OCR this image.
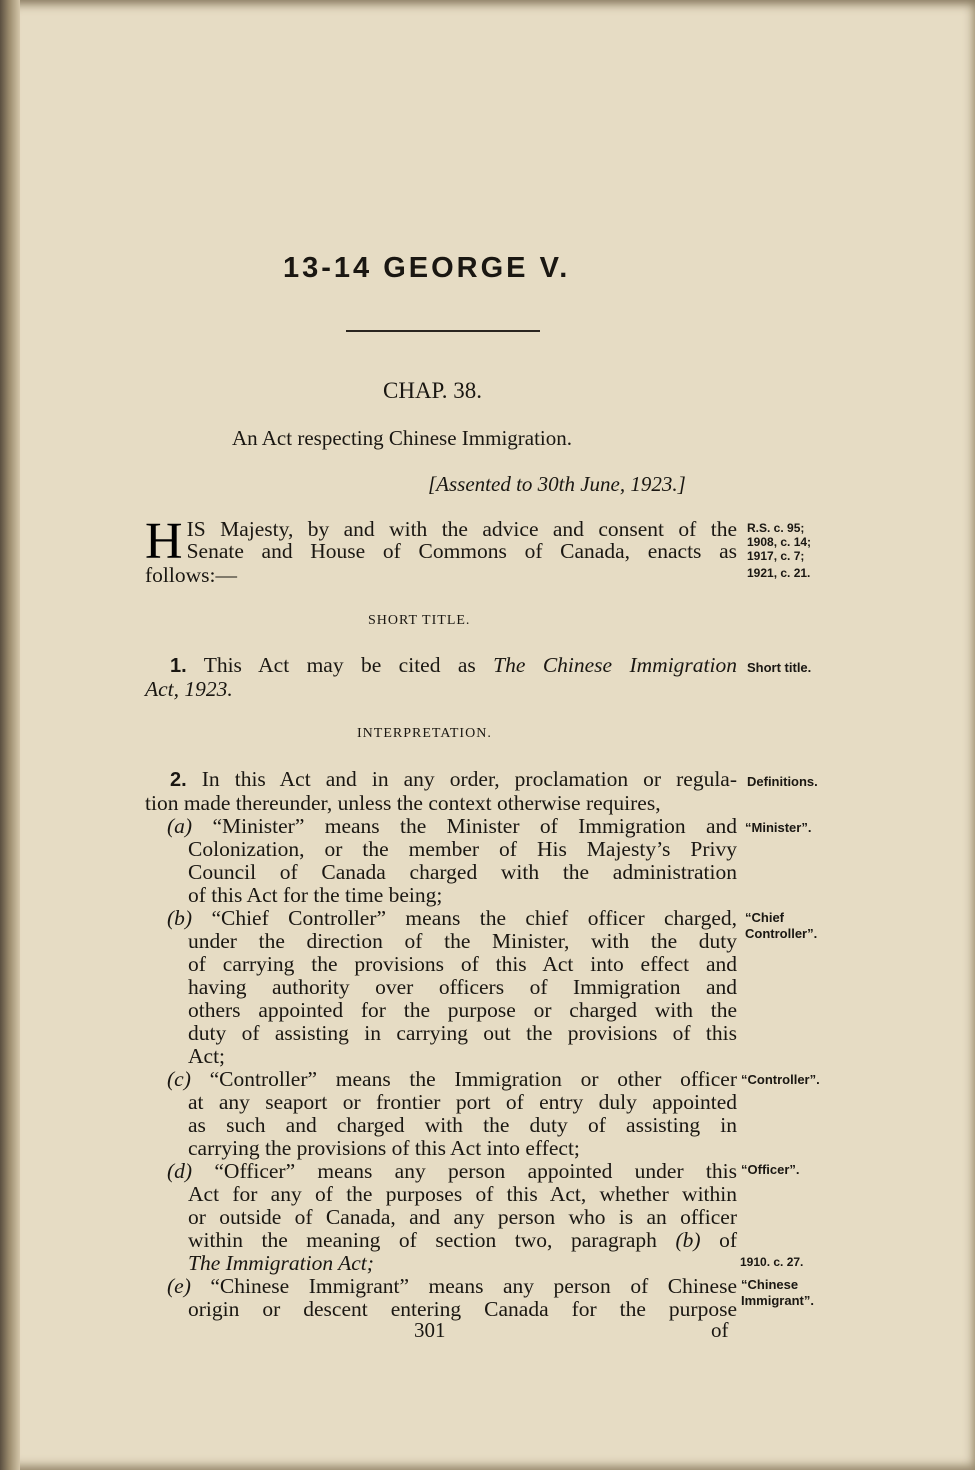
13-14 GEORGE V.
CHAP. 38.
An Act respecting Chinese Immigration.
[Assented to 30th June, 1923.]
H IS Majesty, by and with the advice and consent of the
Senate and House of Commons of Canada, enacts as
follows:—
R.S. c. 95;
1908, c. 14;
1917, c. 7;
1921, c. 21.
SHORT TITLE.
1. This Act may be cited as The Chinese Immigration
Act, 1923.
Short title.
INTERPRETATION.
2. In this Act and in any order, proclamation or regula-
tion made thereunder, unless the context otherwise requires,
(a) “Minister” means the Minister of Immigration and
Colonization, or the member of His Majesty’s Privy
Council of Canada charged with the administration
of this Act for the time being;
(b) “Chief Controller” means the chief officer charged,
under the direction of the Minister, with the duty
of carrying the provisions of this Act into effect and
having authority over officers of Immigration and
others appointed for the purpose or charged with the
duty of assisting in carrying out the provisions of this
Act;
(c) “Controller” means the Immigration or other officer
at any seaport or frontier port of entry duly appointed
as such and charged with the duty of assisting in
carrying the provisions of this Act into effect;
(d) “Officer” means any person appointed under this
Act for any of the purposes of this Act, whether within
or outside of Canada, and any person who is an officer
within the meaning of section two, paragraph (b) of
The Immigration Act;
(e) “Chinese Immigrant” means any person of Chinese
origin or descent entering Canada for the purpose
Definitions.
“Minister”.
“Chief
Controller”.
“Controller”.
“Officer”.
1910. c. 27.
“Chinese
Immigrant”.
301	of
